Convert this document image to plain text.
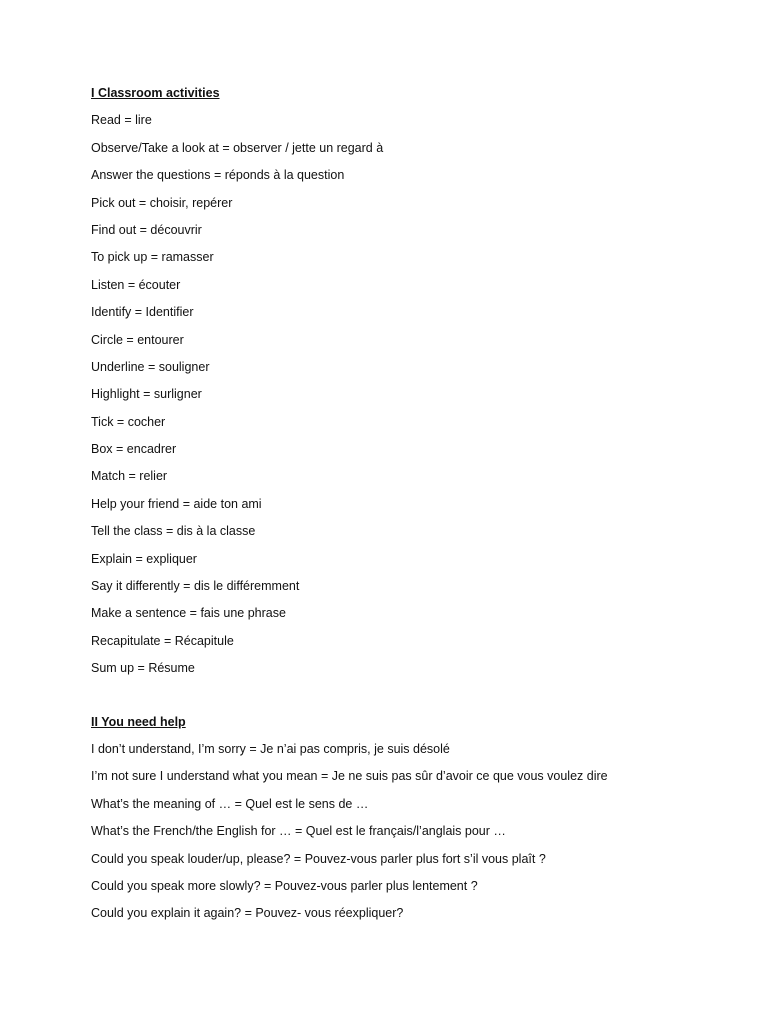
I Classroom activities
Read = lire
Observe/Take a look at = observer / jette un regard à
Answer the questions = réponds à la question
Pick out = choisir, repérer
Find out = découvrir
To pick up = ramasser
Listen = écouter
Identify = Identifier
Circle = entourer
Underline = souligner
Highlight = surligner
Tick = cocher
Box = encadrer
Match = relier
Help your friend = aide ton ami
Tell the class = dis à la classe
Explain = expliquer
Say it differently = dis le différemment
Make a sentence = fais une phrase
Recapitulate = Récapitule
Sum up = Résume
II You need help
I don’t understand, I’m sorry = Je n’ai pas compris, je suis désolé
I’m not sure I understand what you mean = Je ne suis pas sûr d’avoir ce que vous voulez dire
What’s the meaning of … = Quel est le sens de …
What’s the French/the English for … = Quel est le français/l’anglais pour …
Could you speak louder/up, please? = Pouvez-vous parler plus fort s’il vous plaît ?
Could you speak more slowly? = Pouvez-vous parler plus lentement ?
Could you explain it again? = Pouvez- vous réexpliquer?
